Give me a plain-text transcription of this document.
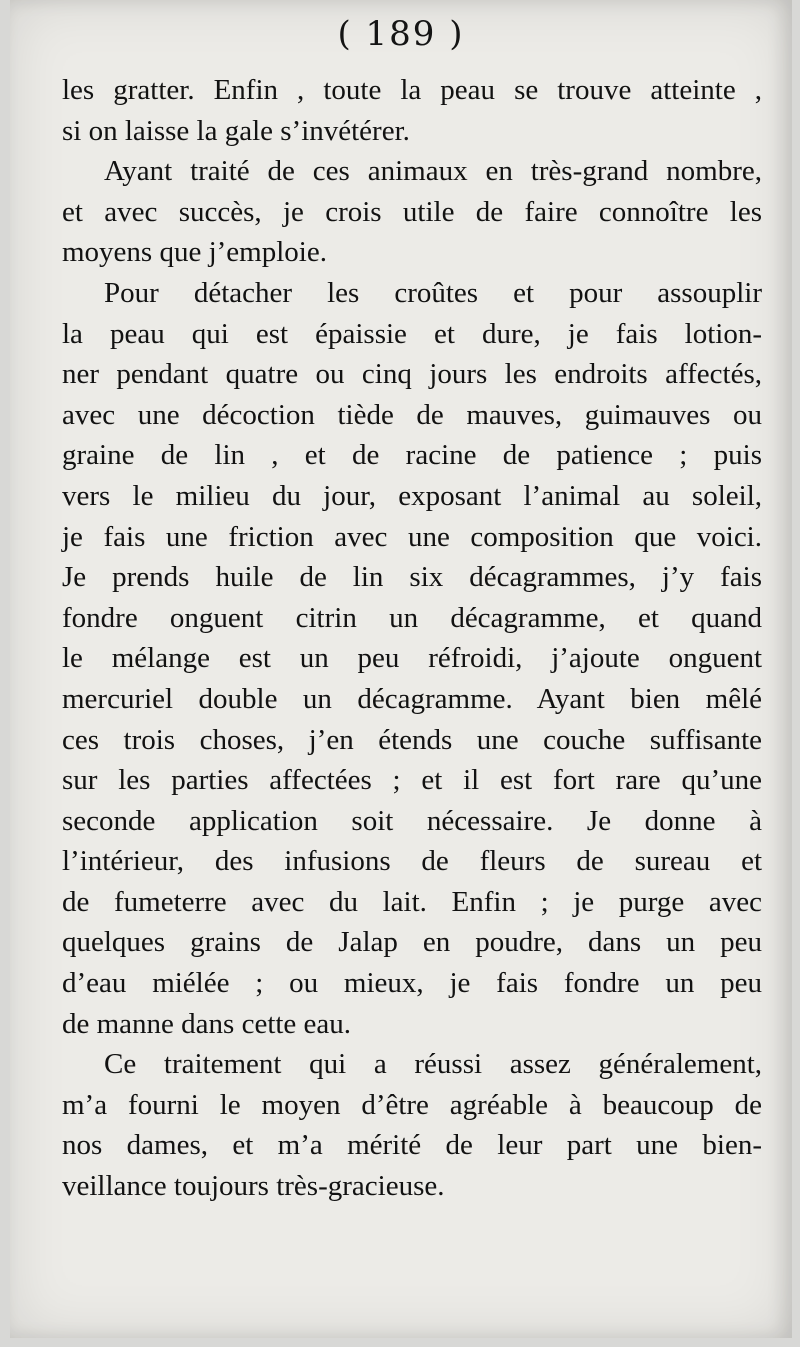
( 189 )
les gratter. Enfin , toute la peau se trouve atteinte ,
si on laisse la gale s’invétérer.
Ayant traité de ces animaux en très-grand nombre,
et avec succès, je crois utile de faire connoître les
moyens que j’emploie.
Pour détacher les croûtes et pour assouplir
la peau qui est épaissie et dure, je fais lotion-
ner pendant quatre ou cinq jours les endroits affectés,
avec une décoction tiède de mauves, guimauves ou
graine de lin , et de racine de patience ; puis
vers le milieu du jour, exposant l’animal au soleil,
je fais une friction avec une composition que voici.
Je prends huile de lin six décagrammes, j’y fais
fondre onguent citrin un décagramme, et quand
le mélange est un peu réfroidi, j’ajoute onguent
mercuriel double un décagramme. Ayant bien mêlé
ces trois choses, j’en étends une couche suffisante
sur les parties affectées ; et il est fort rare qu’une
seconde application soit nécessaire. Je donne à
l’intérieur, des infusions de fleurs de sureau et
de fumeterre avec du lait. Enfin ; je purge avec
quelques grains de Jalap en poudre, dans un peu
d’eau miélée ; ou mieux, je fais fondre un peu
de manne dans cette eau.
Ce traitement qui a réussi assez généralement,
m’a fourni le moyen d’être agréable à beaucoup de
nos dames, et m’a mérité de leur part une bien-
veillance toujours très-gracieuse.
